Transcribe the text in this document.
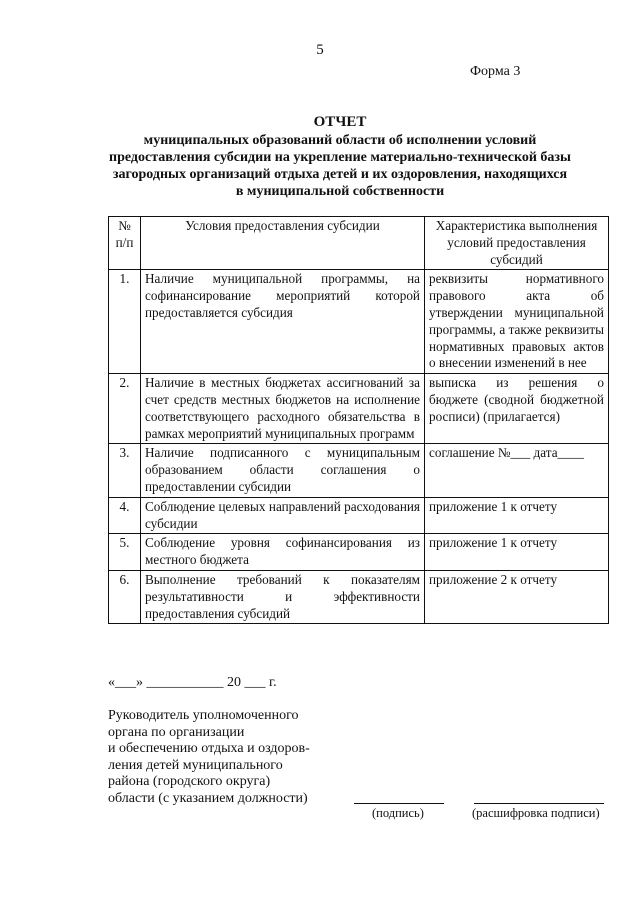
5
Форма 3
ОТЧЕТ
муниципальных образований области об исполнении условий
предоставления субсидии на укрепление материально-технической базы
загородных организаций отдыха детей и их оздоровления, находящихся
в муниципальной собственности
№ п/п	Условия предоставления субсидии	Характеристика выполнения условий предоставления субсидий
1.	Наличие муниципальной программы, на софинансирование мероприятий которой предоставляется субсидия	реквизиты нормативного правового акта об утверждении муниципальной программы, а также реквизиты нормативных правовых актов о внесении изменений в нее
2.	Наличие в местных бюджетах ассигнований за счет средств местных бюджетов на исполнение соответствующего расходного обязательства в рамках мероприятий муниципальных программ	выписка из решения о бюджете (сводной бюджетной росписи) (прилагается)
3.	Наличие подписанного с муниципальным образованием области соглашения о предоставлении субсидии	соглашение №___ дата____
4.	Соблюдение целевых направлений расходования субсидии	приложение 1 к отчету
5.	Соблюдение уровня софинансирования из местного бюджета	приложение 1 к отчету
6.	Выполнение требований к показателям результативности и эффективности предоставления субсидий	приложение 2 к отчету
«___» ___________ 20 ___ г.
Руководитель уполномоченного
органа по организации
и обеспечению отдыха и оздоров-
ления детей муниципального
района (городского округа)
области (с указанием должности)
(подпись)	(расшифровка подписи)
